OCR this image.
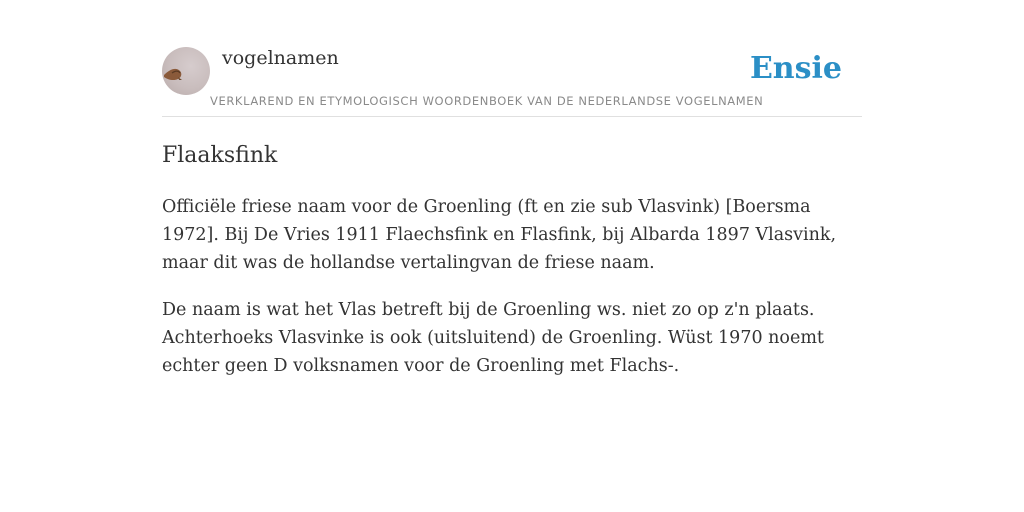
vogelnamen	Ensie
VERKLAREND EN ETYMOLOGISCH WOORDENBOEK VAN DE NEDERLANDSE VOGELNAMEN
Flaaksfink

Officiële friese naam voor de Groenling (ft en zie sub Vlasvink) [Boersma 1972]. Bij De Vries 1911 Flaechsfink en Flasfink, bij Albarda 1897 Vlasvink, maar dit was de hollandse vertalingvan de friese naam.

De naam is wat het Vlas betreft bij de Groenling ws. niet zo op z'n plaats. Achterhoeks Vlasvinke is ook (uitsluitend) de Groenling. Wüst 1970 noemt echter geen D volksnamen voor de Groenling met Flachs-.
